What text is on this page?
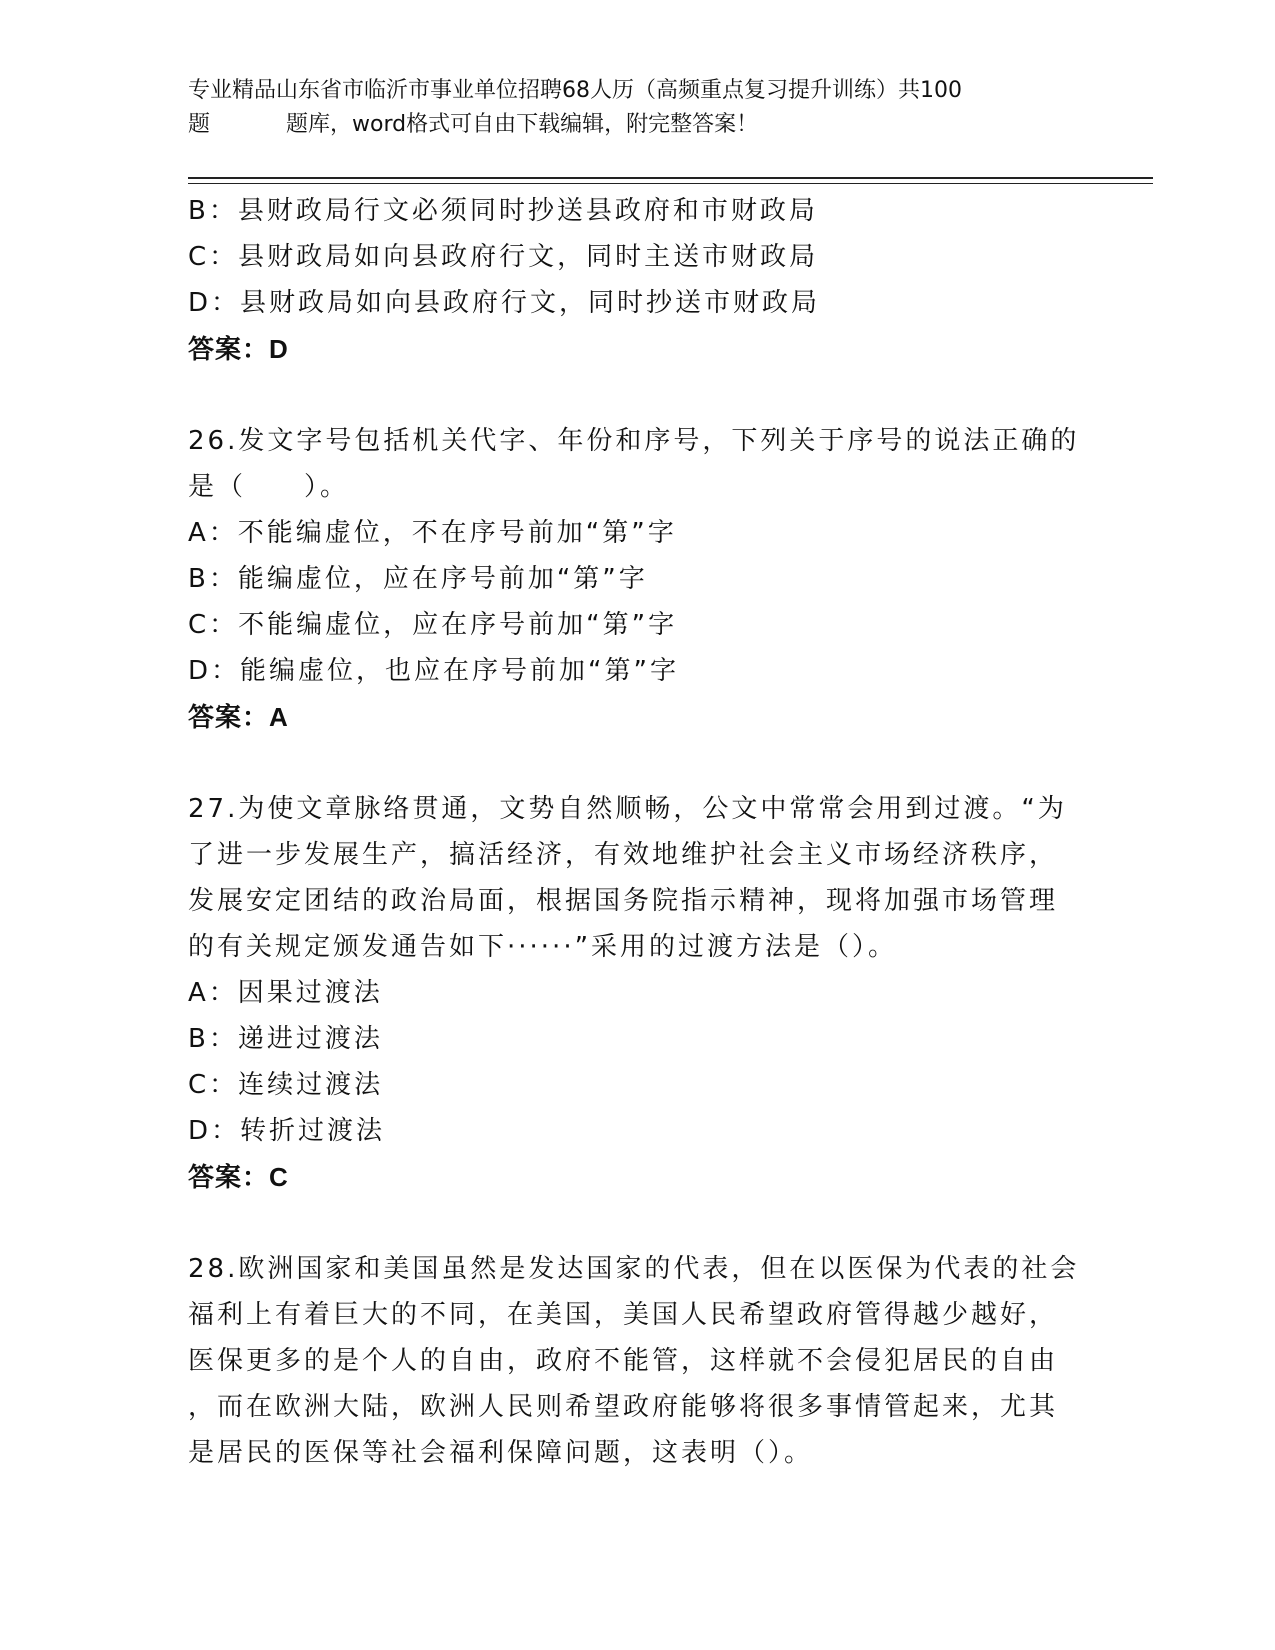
专业精品山东省市临沂市事业单位招聘68人历（高频重点复习提升训练）共100
题	题库，word格式可自由下载编辑，附完整答案！
B：县财政局行文必须同时抄送县政府和市财政局
C：县财政局如向县政府行文，同时主送市财政局
D：县财政局如向县政府行文，同时抄送市财政局
答案：D
26.发文字号包括机关代字、年份和序号，下列关于序号的说法正确的
是（　　）。
A：不能编虚位，不在序号前加“第”字
B：能编虚位，应在序号前加“第”字
C：不能编虚位，应在序号前加“第”字
D：能编虚位，也应在序号前加“第”字
答案：A
27.为使文章脉络贯通，文势自然顺畅，公文中常常会用到过渡。“为
了进一步发展生产，搞活经济，有效地维护社会主义市场经济秩序，
发展安定团结的政治局面，根据国务院指示精神，现将加强市场管理
的有关规定颁发通告如下······”采用的过渡方法是（）。
A：因果过渡法
B：递进过渡法
C：连续过渡法
D：转折过渡法
答案：C
28.欧洲国家和美国虽然是发达国家的代表，但在以医保为代表的社会
福利上有着巨大的不同，在美国，美国人民希望政府管得越少越好，
医保更多的是个人的自由，政府不能管，这样就不会侵犯居民的自由
，而在欧洲大陆，欧洲人民则希望政府能够将很多事情管起来，尤其
是居民的医保等社会福利保障问题，这表明（）。
